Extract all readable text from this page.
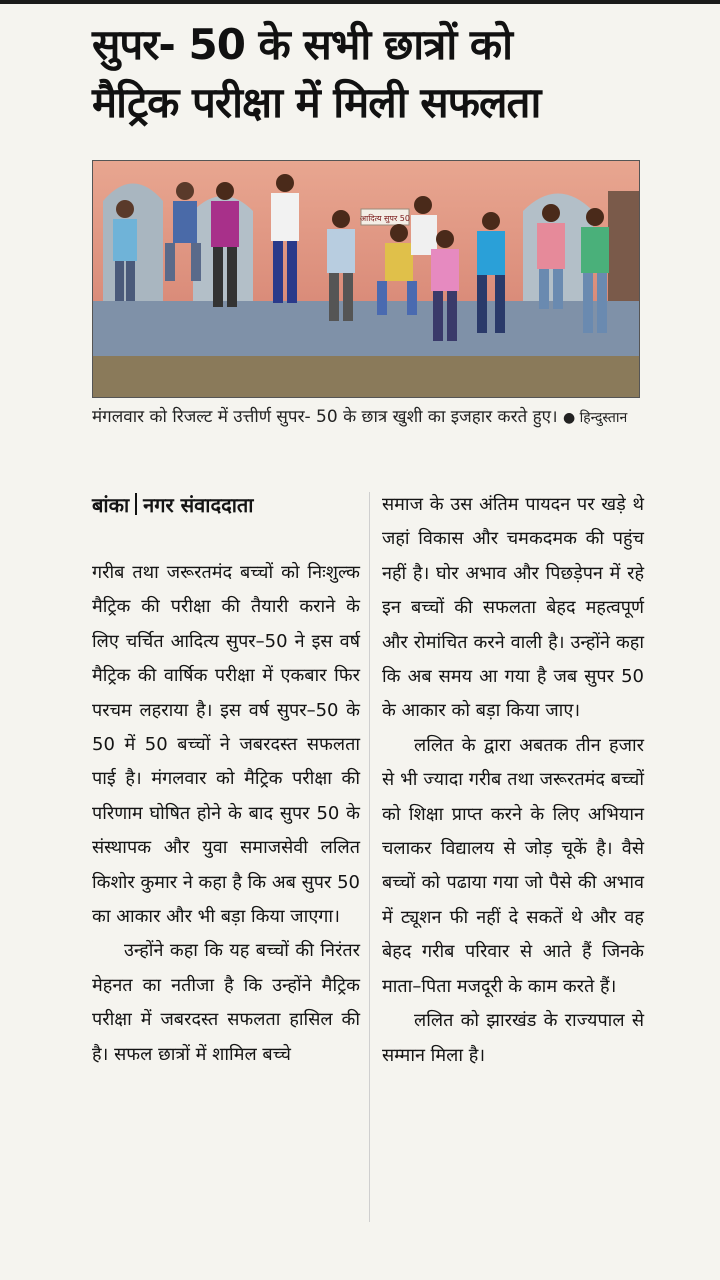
सुपर- 50 के सभी छात्रों को
मैट्रिक परीक्षा में मिली सफलता
आदित्य सुपर 50
मंगलवार को रिजल्ट में उत्तीर्ण सुपर- 50 के छात्र खुशी का इजहार करते हुए। ● हिन्दुस्तान
बांका नगर संवाददाता

गरीब तथा जरूरतमंद बच्चों को निःशुल्क मैट्रिक की परीक्षा की तैयारी कराने के लिए चर्चित आदित्य सुपर–50 ने इस वर्ष मैट्रिक की वार्षिक परीक्षा में एकबार फिर परचम लहराया है। इस वर्ष सुपर–50 के 50 में 50 बच्चों ने जबरदस्त सफलता पाई है। मंगलवार को मैट्रिक परीक्षा की परिणाम घोषित होने के बाद सुपर 50 के संस्थापक और युवा समाजसेवी ललित किशोर कुमार ने कहा है कि अब सुपर 50 का आकार और भी बड़ा किया जाएगा।

उन्होंने कहा कि यह बच्चों की निरंतर मेहनत का नतीजा है कि उन्होंने मैट्रिक परीक्षा में जबरदस्त सफलता हासिल की है। सफल छात्रों में शामिल बच्चे

समाज के उस अंतिम पायदन पर खड़े थे जहां विकास और चमकदमक की पहुंच नहीं है। घोर अभाव और पिछड़ेपन में रहे इन बच्चों की सफलता बेहद महत्वपूर्ण और रोमांचित करने वाली है। उन्होंने कहा कि अब समय आ गया है जब सुपर 50 के आकार को बड़ा किया जाए।

ललित के द्वारा अबतक तीन हजार से भी ज्यादा गरीब तथा जरूरतमंद बच्चों को शिक्षा प्राप्त करने के लिए अभियान चलाकर विद्यालय से जोड़ चूकें है। वैसे बच्चों को पढाया गया जो पैसे की अभाव में ट्यूशन फी नहीं दे सकतें थे और वह बेहद गरीब परिवार से आते हैं जिनके माता–पिता मजदूरी के काम करते हैं।

ललित को झारखंड के राज्यपाल से सम्मान मिला है।
